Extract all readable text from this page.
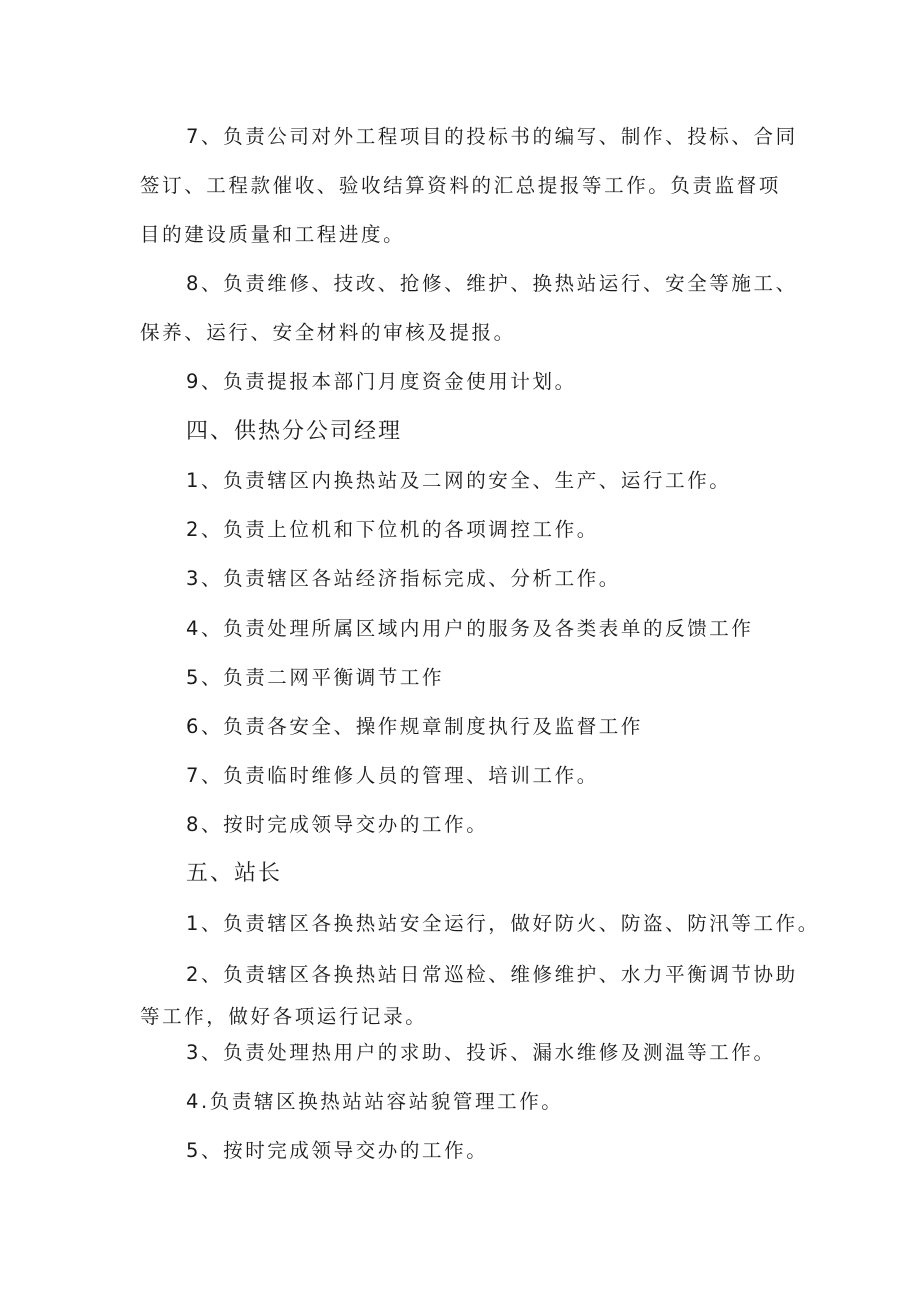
7、负责公司对外工程项目的投标书的编写、制作、投标、合同签订、工程款催收、验收结算资料的汇总提报等工作。负责监督项目的建设质量和工程进度。
8、负责维修、技改、抢修、维护、换热站运行、安全等施工、保养、运行、安全材料的审核及提报。
9、负责提报本部门月度资金使用计划。
四、供热分公司经理
1、负责辖区内换热站及二网的安全、生产、运行工作。
2、负责上位机和下位机的各项调控工作。
3、负责辖区各站经济指标完成、分析工作。
4、负责处理所属区域内用户的服务及各类表单的反馈工作
5、负责二网平衡调节工作
6、负责各安全、操作规章制度执行及监督工作
7、负责临时维修人员的管理、培训工作。
8、按时完成领导交办的工作。
五、站长
1、负责辖区各换热站安全运行，做好防火、防盗、防汛等工作。
2、负责辖区各换热站日常巡检、维修维护、水力平衡调节协助等工作，做好各项运行记录。
3、负责处理热用户的求助、投诉、漏水维修及测温等工作。
4.负责辖区换热站站容站貌管理工作。
5、按时完成领导交办的工作。
